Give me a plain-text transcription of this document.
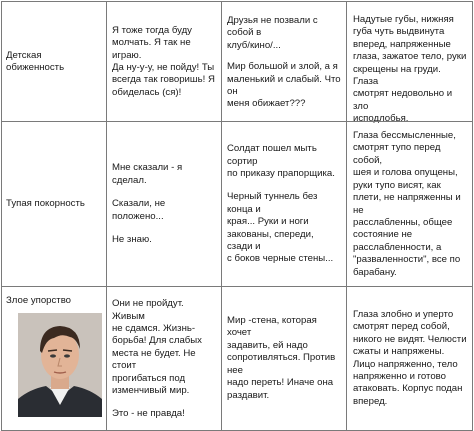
Детская обиженность
Я тоже тогда буду
молчать. Я так не играю.
Да ну-у-у, не пойду! Ты
всегда так говоришь! Я
обиделась (ся)!
Друзья не позвали с собой в
клуб/кино/...
Мир большой и злой, а я
маленький и слабый. Что он
меня обижает???
Надутые губы, нижняя
губа чуть выдвинута
вперед, напряженные
глаза, зажатое тело, руки
скрещены на груди. Глаза
смотрят недовольно и зло
исподлобья.
Тупая покорность
Мне сказали - я сделал.
Сказали, не положено...
Не знаю.
Солдат пошел мыть сортир
по приказу прапорщика.
Черный туннель без конца и
края... Руки и ноги
закованы, спереди, сзади и
с боков черные стены...
Глаза бессмысленные,
смотрят тупо перед собой,
шея и голова опущены,
руки тупо висят, как
плети, не напряженны и не
расслабленны, общее
состояние не
расслабленности, а
"разваленности", все по
барабану.
Злое упорство	Они не пройдут. Живым
не сдамся. Жизнь-
борьба! Для слабых
места не будет. Не стоит
прогибаться под
изменчивый мир.
Это - не правда!
Мир -стена, которая хочет
задавить, ей надо
сопротивляться. Против нее
надо переть! Иначе она
раздавит.
Глаза злобно и упертo
смотрят перед собой,
никого не видят. Челюсти
сжаты и напряжены.
Лицо напряженно, тело
напряженно и готово
атаковать. Корпус подан
вперед.
